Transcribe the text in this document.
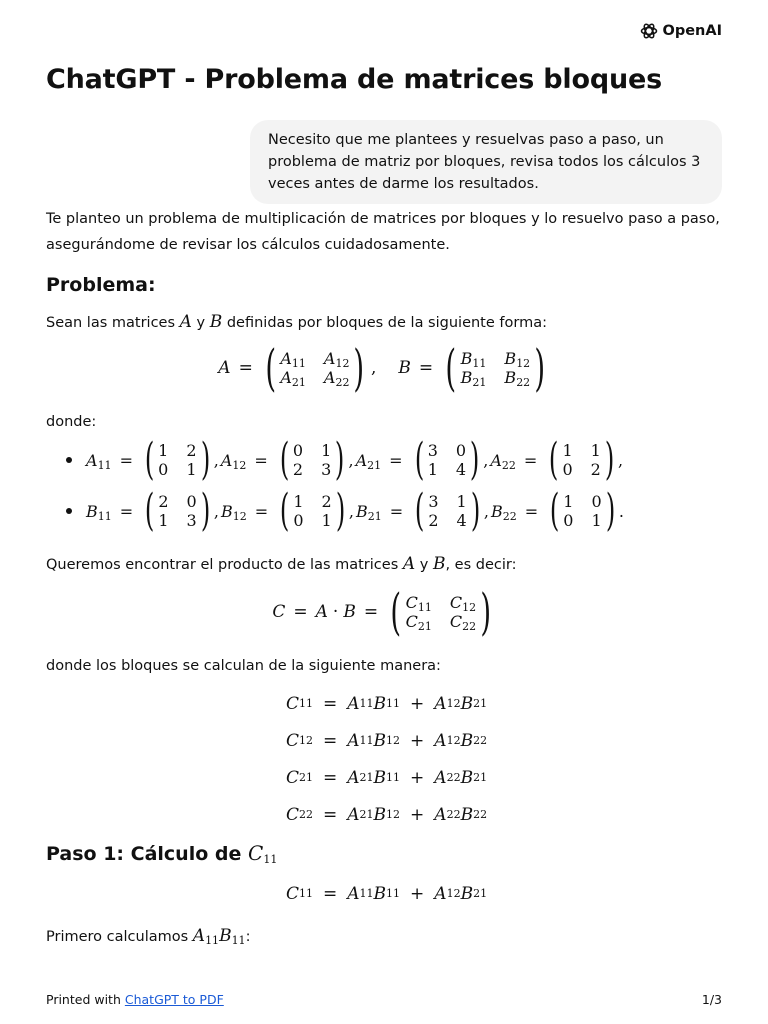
OpenAI
ChatGPT - Problema de matrices bloques
Necesito que me plantees y resuelvas paso a paso, un problema de matriz por bloques, revisa todos los cálculos 3 veces antes de darme los resultados.

Te planteo un problema de multiplicación de matrices por bloques y lo resuelvo paso a paso, asegurándome de revisar los cálculos cuidadosamente.

Problema:

Sean las matrices A y B definidas por bloques de la siguiente forma:

A = ( $A_{11}$ $A_{12}$
$A_{21}$ $A_{22}$ ) , B = ( $B_{11}$ $B_{12}$
$B_{21}$ $B_{22}$ )

donde:

$A_{11}$ = ( 1 2
0 1 ) , $A_{12}$ = ( 0 1
2 3 ) , $A_{21}$ = ( 3 0
1 4 ) , $A_{22}$ = ( 1 1
0 2 ) ,
$B_{11}$ = ( 2 0
1 3 ) , $B_{12}$ = ( 1 2
0 1 ) , $B_{21}$ = ( 3 1
2 4 ) , $B_{22}$ = ( 1 0
0 1 ) .

Queremos encontrar el producto de las matrices A y B, es decir:

C = A · B = ( $C_{11}$ $C_{12}$
$C_{21}$ $C_{22}$ )

donde los bloques se calculan de la siguiente manera:

C 11 = A 11 B 11 + A 12 B 21
C 12 = A 11 B 12 + A 12 B 22
C 21 = A 21 B 11 + A 22 B 21
C 22 = A 21 B 12 + A 22 B 22
Paso 1: Cálculo de $C_{11}$
C 11 = A 11 B 11 + A 12 B 21

Primero calculamos $A_{11}B_{11}$:

Printed with ChatGPT to PDF	1/3
